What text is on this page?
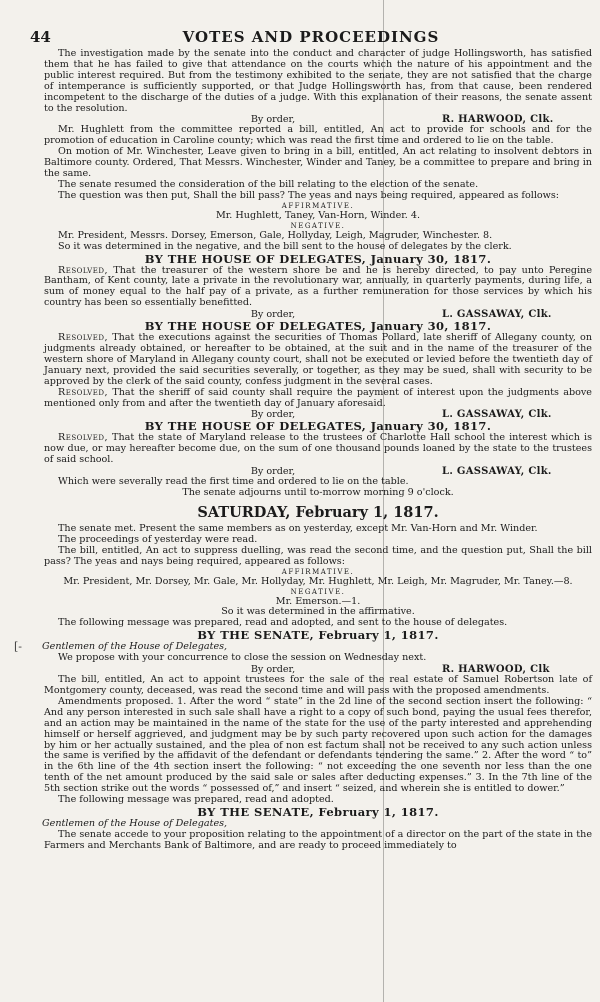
[-
44	VOTES AND PROCEEDINGS

The investigation made by the senate into the conduct and character of judge Hollingsworth, has satisfied them that he has failed to give that attendance on the courts which the nature of his appointment and the public interest required. But from the testimony exhibited to the senate, they are not satisfied that the charge of intemperance is sufficiently supported, or that Judge Hollingsworth has, from that cause, been rendered incompetent to the discharge of the duties of a judge. With this explanation of their reasons, the senate assent to the resolution.

By order,	R. HARWOOD, Clk.

Mr. Hughlett from the committee reported a bill, entitled, An act to provide for schools and for the promotion of education in Caroline county; which was read the first time and ordered to lie on the table.

On motion of Mr. Winchester, Leave given to bring in a bill, entitled, An act relating to insolvent debtors in Baltimore county. Ordered, That Messrs. Winchester, Winder and Taney, be a committee to prepare and bring in the same.

The senate resumed the consideration of the bill relating to the election of the senate.

The question was then put, Shall the bill pass? The yeas and nays being required, appeared as follows:

AFFIRMATIVE.
Mr. Hughlett, Taney, Van-Horn, Winder. 4.
NEGATIVE.

Mr. President, Messrs. Dorsey, Emerson, Gale, Hollyday, Leigh, Magruder, Winchester. 8.

So it was determined in the negative, and the bill sent to the house of delegates by the clerk.

BY THE HOUSE OF DELEGATES, January 30, 1817.

Resolved, That the treasurer of the western shore be and he is hereby directed, to pay unto Peregine Bantham, of Kent county, late a private in the revolutionary war, annually, in quarterly payments, during life, a sum of money equal to the half pay of a private, as a further remuneration for those services by which his country has been so essentially benefitted.

By order,	L. GASSAWAY, Clk.
BY THE HOUSE OF DELEGATES, January 30, 1817.

Resolved, That the executions against the securities of Thomas Pollard, late sheriff of Allegany county, on judgments already obtained, or hereafter to be obtained, at the suit and in the name of the treasurer of the western shore of Maryland in Allegany county court, shall not be executed or levied before the twentieth day of January next, provided the said securities severally, or together, as they may be sued, shall with security to be approved by the clerk of the said county, confess judgment in the several cases.

Resolved, That the sheriff of said county shall require the payment of interest upon the judgments above mentioned only from and after the twentieth day of January aforesaid.

By order,	L. GASSAWAY, Clk.
BY THE HOUSE OF DELEGATES, January 30, 1817.

Resolved, That the state of Maryland release to the trustees of Charlotte Hall school the interest which is now due, or may hereafter become due, on the sum of one thousand pounds loaned by the state to the trustees of said school.

By order,	L. GASSAWAY, Clk.

Which were severally read the first time and ordered to lie on the table.

The senate adjourns until to-morrow morning 9 o'clock.
SATURDAY, February 1, 1817.

The senate met. Present the same members as on yesterday, except Mr. Van-Horn and Mr. Winder.

The proceedings of yesterday were read.

The bill, entitled, An act to suppress duelling, was read the second time, and the question put, Shall the bill pass? The yeas and nays being required, appeared as follows:

AFFIRMATIVE.
Mr. President, Mr. Dorsey, Mr. Gale, Mr. Hollyday, Mr. Hughlett, Mr. Leigh, Mr. Magruder, Mr. Taney.—8.
NEGATIVE.
Mr. Emerson.—1.
So it was determined in the affirmative.

The following message was prepared, read and adopted, and sent to the house of delegates.

BY THE SENATE, February 1, 1817.
Gentlemen of the House of Delegates,

We propose with your concurrence to close the session on Wednesday next.

By order,	R. HARWOOD, Clk

The bill, entitled, An act to appoint trustees for the sale of the real estate of Samuel Robertson late of Montgomery county, deceased, was read the second time and will pass with the proposed amendments.

Amendments proposed. 1. After the word “ state” in the 2d line of the second section insert the following: “ And any person interested in such sale shall have a right to a copy of such bond, paying the usual fees therefor, and an action may be maintained in the name of the state for the use of the party interested and apprehending himself or herself aggrieved, and judgment may be by such party recovered upon such action for the damages by him or her actually sustained, and the plea of non est factum shall not be received to any such action unless the same is verified by the affidavit of the defendant or defendants tendering the same.” 2. After the word “ to” in the 6th line of the 4th section insert the following: “ not exceeding the one seventh nor less than the one tenth of the net amount produced by the said sale or sales after deducting expenses.” 3. In the 7th line of the 5th section strike out the words “ possessed of,” and insert “ seized, and wherein she is entitled to dower.”

The following message was prepared, read and adopted.

BY THE SENATE, February 1, 1817.
Gentlemen of the House of Delegates,

The senate accede to your proposition relating to the appointment of a director on the part of the state in the Farmers and Merchants Bank of Baltimore, and are ready to proceed immediately to
